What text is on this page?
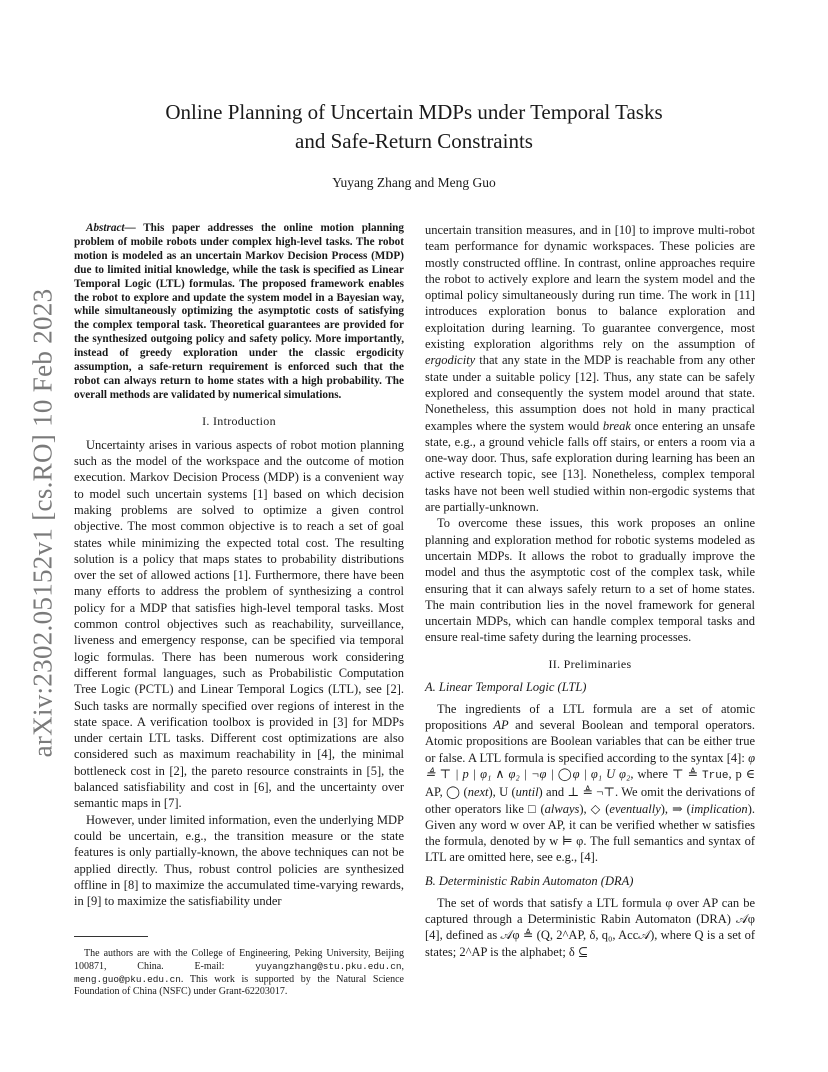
arXiv:2302.05152v1 [cs.RO] 10 Feb 2023
Online Planning of Uncertain MDPs under Temporal Tasks
and Safe-Return Constraints
Yuyang Zhang and Meng Guo

Abstract— This paper addresses the online motion planning problem of mobile robots under complex high-level tasks. The robot motion is modeled as an uncertain Markov Decision Process (MDP) due to limited initial knowledge, while the task is specified as Linear Temporal Logic (LTL) formulas. The proposed framework enables the robot to explore and update the system model in a Bayesian way, while simultaneously optimizing the asymptotic costs of satisfying the complex temporal task. Theoretical guarantees are provided for the synthesized outgoing policy and safety policy. More importantly, instead of greedy exploration under the classic ergodicity assumption, a safe-return requirement is enforced such that the robot can always return to home states with a high probability. The overall methods are validated by numerical simulations.

I. Introduction

Uncertainty arises in various aspects of robot motion planning such as the model of the workspace and the outcome of motion execution. Markov Decision Process (MDP) is a convenient way to model such uncertain systems [1] based on which decision making problems are solved to optimize a given control objective. The most common objective is to reach a set of goal states while minimizing the expected total cost. The resulting solution is a policy that maps states to probability distributions over the set of allowed actions [1]. Furthermore, there have been many efforts to address the problem of synthesizing a control policy for a MDP that satisfies high-level temporal tasks. Most common control objectives such as reachability, surveillance, liveness and emergency response, can be specified via temporal logic formulas. There has been numerous work considering different formal languages, such as Probabilistic Computation Tree Logic (PCTL) and Linear Temporal Logics (LTL), see [2]. Such tasks are normally specified over regions of interest in the state space. A verification toolbox is provided in [3] for MDPs under certain LTL tasks. Different cost optimizations are also considered such as maximum reachability in [4], the minimal bottleneck cost in [2], the pareto resource constraints in [5], the balanced satisfiability and cost in [6], and the uncertainty over semantic maps in [7].

However, under limited information, even the underlying MDP could be uncertain, e.g., the transition measure or the state features is only partially-known, the above techniques can not be applied directly. Thus, robust control policies are synthesized offline in [8] to maximize the accumulated time-varying rewards, in [9] to maximize the satisfiability under

The authors are with the College of Engineering, Peking University, Beijing 100871, China. E-mail: yuyangzhang@stu.pku.edu.cn, meng.guo@pku.edu.cn. This work is supported by the Natural Science Foundation of China (NSFC) under Grant-62203017.

uncertain transition measures, and in [10] to improve multi-robot team performance for dynamic workspaces. These policies are mostly constructed offline. In contrast, online approaches require the robot to actively explore and learn the system model and the optimal policy simultaneously during run time. The work in [11] introduces exploration bonus to balance exploration and exploitation during learning. To guarantee convergence, most existing exploration algorithms rely on the assumption of ergodicity that any state in the MDP is reachable from any other state under a suitable policy [12]. Thus, any state can be safely explored and consequently the system model around that state. Nonetheless, this assumption does not hold in many practical examples where the system would break once entering an unsafe state, e.g., a ground vehicle falls off stairs, or enters a room via a one-way door. Thus, safe exploration during learning has been an active research topic, see [13]. Nonetheless, complex temporal tasks have not been well studied within non-ergodic systems that are partially-unknown.

To overcome these issues, this work proposes an online planning and exploration method for robotic systems modeled as uncertain MDPs. It allows the robot to gradually improve the model and thus the asymptotic cost of the complex task, while ensuring that it can always safely return to a set of home states. The main contribution lies in the novel framework for general uncertain MDPs, which can handle complex temporal tasks and ensure real-time safety during the learning processes.

II. Preliminaries
A. Linear Temporal Logic (LTL)

The ingredients of a LTL formula are a set of atomic propositions AP and several Boolean and temporal operators. Atomic propositions are Boolean variables that can be either true or false. A LTL formula is specified according to the syntax [4]: φ ≜ ⊤ | p | φ₁ ∧ φ₂ | ¬φ | ◯φ | φ₁ U φ₂, where ⊤ ≜ True, p ∈ AP, ◯ (next), U (until) and ⊥ ≜ ¬⊤. We omit the derivations of other operators like □ (always), ◇ (eventually), ⇒ (implication). Given any word w over AP, it can be verified whether w satisfies the formula, denoted by w ⊨ φ. The full semantics and syntax of LTL are omitted here, see e.g., [4].

B. Deterministic Rabin Automaton (DRA)

The set of words that satisfy a LTL formula φ over AP can be captured through a Deterministic Rabin Automaton (DRA) 𝒜φ [4], defined as 𝒜φ ≜ (Q, 2^AP, δ, q₀, Acc𝒜), where Q is a set of states; 2^AP is the alphabet; δ ⊆
